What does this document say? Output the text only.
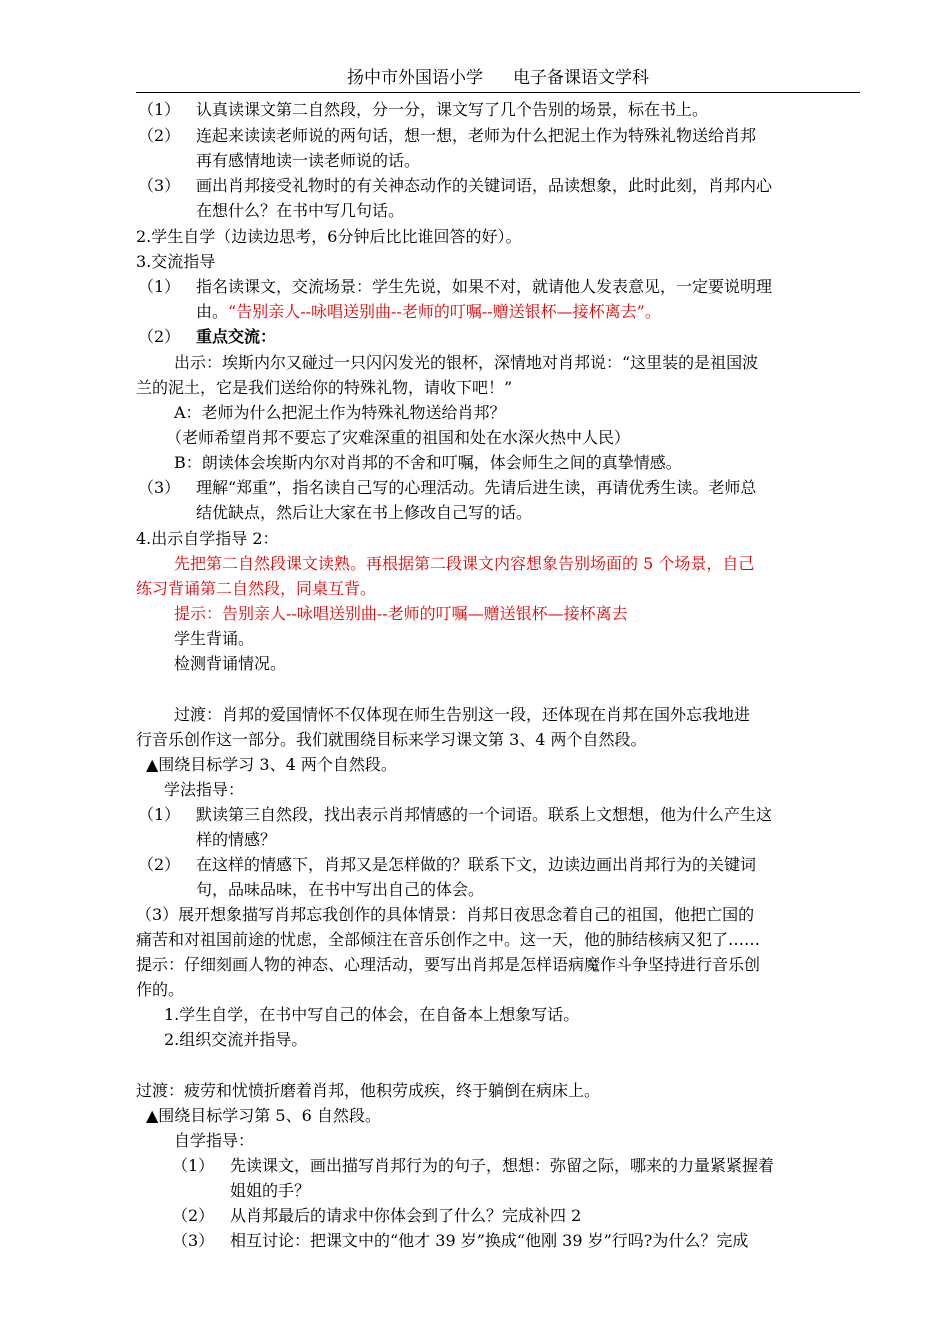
扬中市外国语小学 电子备课语文学科
（1） 认真读课文第二自然段，分一分，课文写了几个告别的场景，标在书上。
（2） 连起来读读老师说的两句话，想一想，老师为什么把泥土作为特殊礼物送给肖邦
再有感情地读一读老师说的话。
（3） 画出肖邦接受礼物时的有关神态动作的关键词语，品读想象，此时此刻，肖邦内心
在想什么？在书中写几句话。
2.学生自学（边读边思考，6分钟后比比谁回答的好）。
3.交流指导
（1） 指名读课文，交流场景：学生先说，如果不对，就请他人发表意见，一定要说明理
由。“告别亲人--咏唱送别曲--老师的叮嘱--赠送银杯—接杯离去”。
（2） 重点交流：
出示：埃斯内尔又碰过一只闪闪发光的银杯，深情地对肖邦说：“这里装的是祖国波
兰的泥土，它是我们送给你的特殊礼物，请收下吧！”
A：老师为什么把泥土作为特殊礼物送给肖邦？
（老师希望肖邦不要忘了灾难深重的祖国和处在水深火热中人民）
B：朗读体会埃斯内尔对肖邦的不舍和叮嘱，体会师生之间的真挚情感。
（3） 理解“郑重”，指名读自己写的心理活动。先请后进生读，再请优秀生读。老师总
结优缺点，然后让大家在书上修改自己写的话。
4.出示自学指导 2：
先把第二自然段课文读熟。再根据第二段课文内容想象告别场面的 5 个场景，自己
练习背诵第二自然段，同桌互背。
提示：告别亲人--咏唱送别曲--老师的叮嘱—赠送银杯—接杯离去
学生背诵。
检测背诵情况。
过渡：肖邦的爱国情怀不仅体现在师生告别这一段，还体现在肖邦在国外忘我地进
行音乐创作这一部分。我们就围绕目标来学习课文第 3、4 两个自然段。
▲围绕目标学习 3、4 两个自然段。
学法指导：
（1） 默读第三自然段，找出表示肖邦情感的一个词语。联系上文想想，他为什么产生这
样的情感？
（2） 在这样的情感下，肖邦又是怎样做的？联系下文，边读边画出肖邦行为的关键词
句，品味品味，在书中写出自己的体会。
（3）展开想象描写肖邦忘我创作的具体情景：肖邦日夜思念着自己的祖国，他把亡国的
痛苦和对祖国前途的忧虑，全部倾注在音乐创作之中。这一天，他的肺结核病又犯了……
提示：仔细刻画人物的神态、心理活动，要写出肖邦是怎样语病魔作斗争坚持进行音乐创
作的。
1.学生自学，在书中写自己的体会，在自备本上想象写话。
2.组织交流并指导。
过渡：疲劳和忧愤折磨着肖邦，他积劳成疾，终于躺倒在病床上。
▲围绕目标学习第 5、6 自然段。
自学指导：
（1） 先读课文，画出描写肖邦行为的句子，想想：弥留之际，哪来的力量紧紧握着
姐姐的手？
（2） 从肖邦最后的请求中你体会到了什么？完成补四 2
（3） 相互讨论：把课文中的“他才 39 岁”换成“他刚 39 岁”行吗?为什么？完成
